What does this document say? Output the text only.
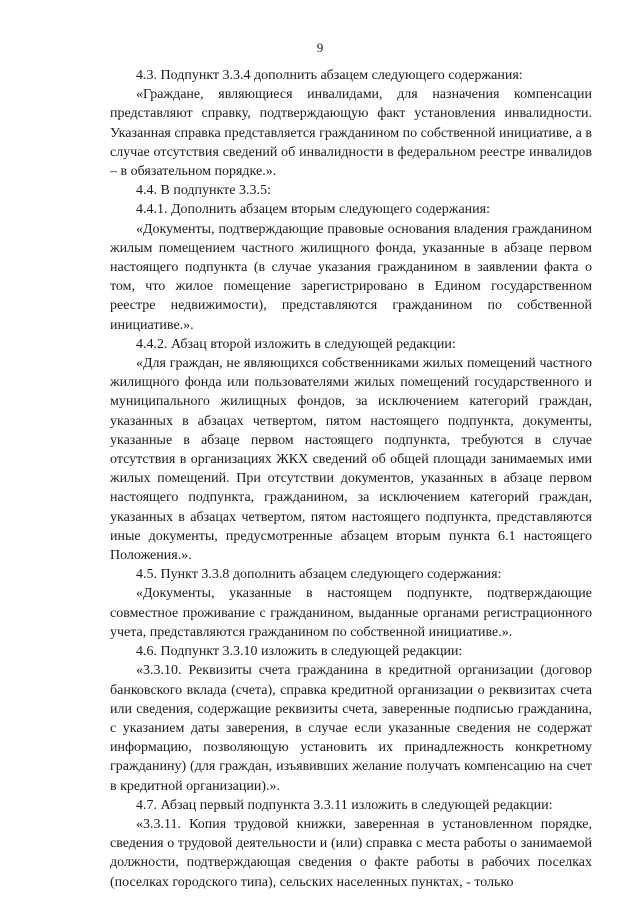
9

4.3. Подпункт 3.3.4 дополнить абзацем следующего содержания:

«Граждане, являющиеся инвалидами, для назначения компенсации представляют справку, подтверждающую факт установления инвалидности. Указанная справка представляется гражданином по собственной инициативе, а в случае отсутствия сведений об инвалидности в федеральном реестре инвалидов – в обязательном порядке.».

4.4. В подпункте 3.3.5:

4.4.1. Дополнить абзацем вторым следующего содержания:

«Документы, подтверждающие правовые основания владения гражданином жилым помещением частного жилищного фонда, указанные в абзаце первом настоящего подпункта (в случае указания гражданином в заявлении факта о том, что жилое помещение зарегистрировано в Едином государственном реестре недвижимости), представляются гражданином по собственной инициативе.».

4.4.2. Абзац второй изложить в следующей редакции:

«Для граждан, не являющихся собственниками жилых помещений частного жилищного фонда или пользователями жилых помещений государственного и муниципального жилищных фондов, за исключением категорий граждан, указанных в абзацах четвертом, пятом настоящего подпункта, документы, указанные в абзаце первом настоящего подпункта, требуются в случае отсутствия в организациях ЖКХ сведений об общей площади занимаемых ими жилых помещений. При отсутствии документов, указанных в абзаце первом настоящего подпункта, гражданином, за исключением категорий граждан, указанных в абзацах четвертом, пятом настоящего подпункта, представляются иные документы, предусмотренные абзацем вторым пункта 6.1 настоящего Положения.».

4.5. Пункт 3.3.8 дополнить абзацем следующего содержания:

«Документы, указанные в настоящем подпункте, подтверждающие совместное проживание с гражданином, выданные органами регистрационного учета, представляются гражданином по собственной инициативе.».

4.6. Подпункт 3.3.10 изложить в следующей редакции:

«3.3.10. Реквизиты счета гражданина в кредитной организации (договор банковского вклада (счета), справка кредитной организации о реквизитах счета или сведения, содержащие реквизиты счета, заверенные подписью гражданина, с указанием даты заверения, в случае если указанные сведения не содержат информацию, позволяющую установить их принадлежность конкретному гражданину) (для граждан, изъявивших желание получать компенсацию на счет в кредитной организации).».

4.7. Абзац первый подпункта 3.3.11 изложить в следующей редакции:

«3.3.11. Копия трудовой книжки, заверенная в установленном порядке, сведения о трудовой деятельности и (или) справка с места работы о занимаемой должности, подтверждающая сведения о факте работы в рабочих поселках (поселках городского типа), сельских населенных пунктах, - только
